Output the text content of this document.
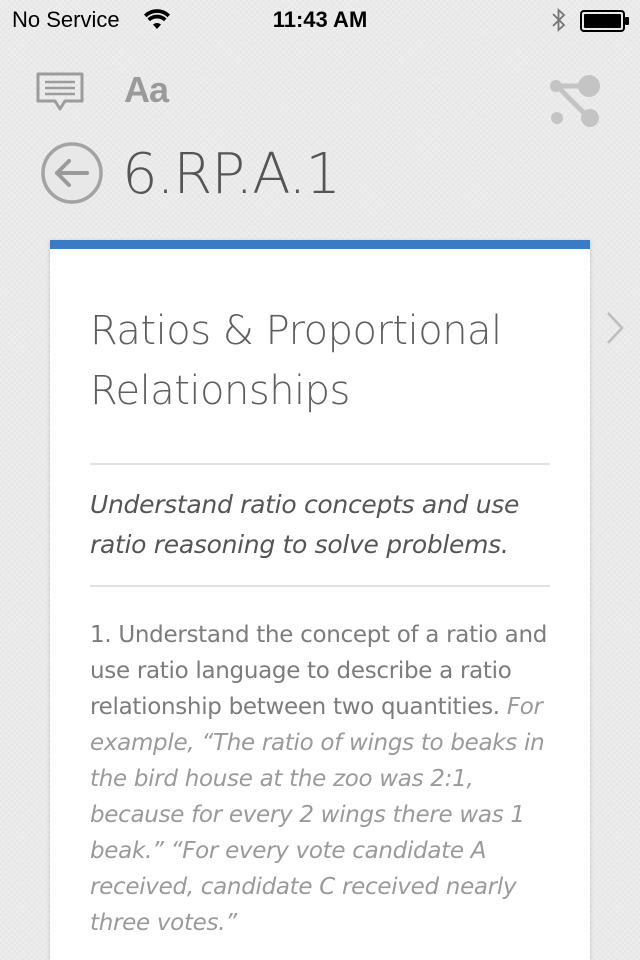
No Service	11:43 AM
Aa
6.RP.A.1
Ratios & Proportional Relationships

Understand ratio concepts and use ratio reasoning to solve problems.

1. Understand the concept of a ratio and use ratio language to describe a ratio relationship between two quantities. For example, “The ratio of wings to beaks in the bird house at the zoo was 2:1, because for every 2 wings there was 1 beak.” “For every vote candidate A received, candidate C received nearly three votes.”
